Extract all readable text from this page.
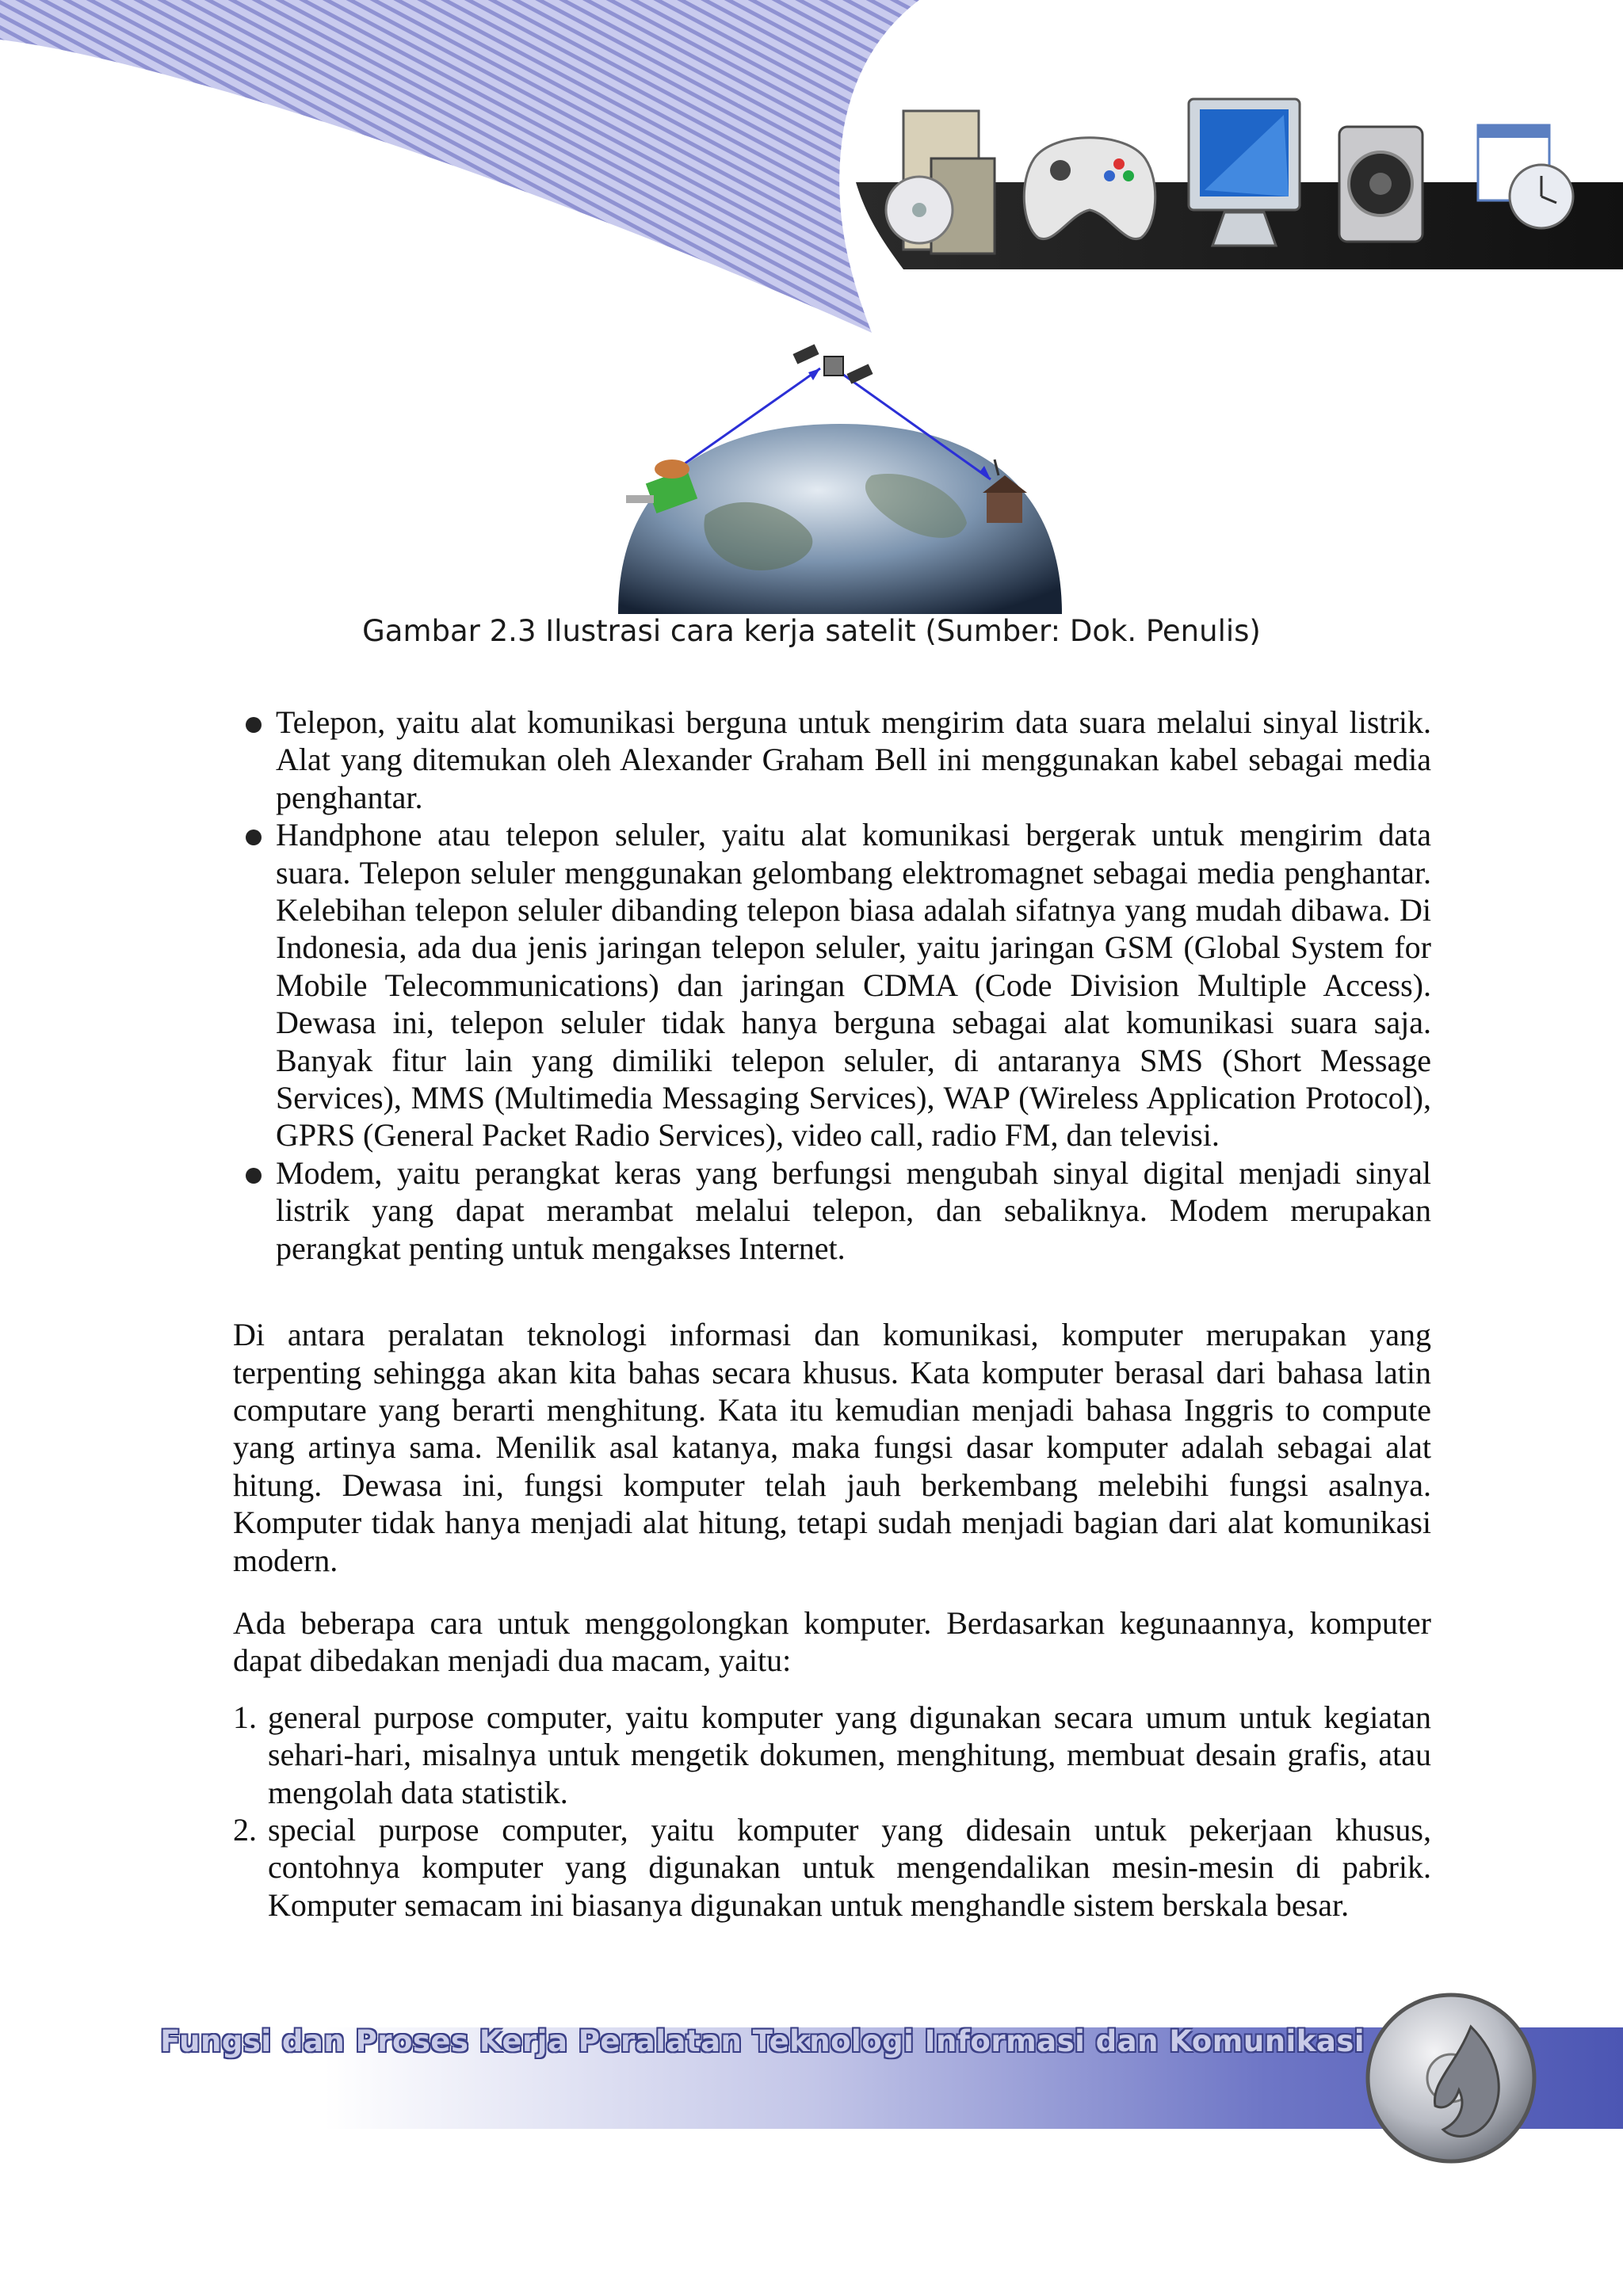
Gambar 2.3 Ilustrasi cara kerja satelit (Sumber: Dok. Penulis)
Telepon, yaitu alat komunikasi berguna untuk mengirim data suara melalui sinyal listrik. Alat yang ditemukan oleh Alexander Graham Bell ini menggunakan kabel sebagai media penghantar.
Handphone atau telepon seluler, yaitu alat komunikasi bergerak untuk mengirim data suara. Telepon seluler menggunakan gelombang elektromagnet sebagai media penghantar. Kelebihan telepon seluler dibanding telepon biasa adalah sifatnya yang mudah dibawa. Di Indonesia, ada dua jenis jaringan telepon seluler, yaitu jaringan GSM (Global System for Mobile Telecommunications) dan jaringan CDMA (Code Division Multiple Access). Dewasa ini, telepon seluler tidak hanya berguna sebagai alat komunikasi suara saja. Banyak fitur lain yang dimiliki telepon seluler, di antaranya SMS (Short Message Services), MMS (Multimedia Messaging Services), WAP (Wireless Application Protocol), GPRS (General Packet Radio Services), video call, radio FM, dan televisi.
Modem, yaitu perangkat keras yang berfungsi mengubah sinyal digital menjadi sinyal listrik yang dapat merambat melalui telepon, dan sebaliknya. Modem merupakan perangkat penting untuk mengakses Internet.

Di antara peralatan teknologi informasi dan komunikasi, komputer merupakan yang terpenting sehingga akan kita bahas secara khusus. Kata komputer berasal dari bahasa latin computare yang berarti menghitung. Kata itu kemudian menjadi bahasa Inggris to compute yang artinya sama. Menilik asal katanya, maka fungsi dasar komputer adalah sebagai alat hitung. Dewasa ini, fungsi komputer telah jauh berkembang melebihi fungsi asalnya. Komputer tidak hanya menjadi alat hitung, tetapi sudah menjadi bagian dari alat komunikasi modern.

Ada beberapa cara untuk menggolongkan komputer. Berdasarkan kegunaannya, komputer dapat dibedakan menjadi dua macam, yaitu:

1. general purpose computer, yaitu komputer yang digunakan secara umum untuk kegiatan sehari-hari, misalnya untuk mengetik dokumen, menghitung, membuat desain grafis, atau mengolah data statistik.
2. special purpose computer, yaitu komputer yang didesain untuk pekerjaan khusus, contohnya komputer yang digunakan untuk mengendalikan mesin-mesin di pabrik. Komputer semacam ini biasanya digunakan untuk menghandle sistem berskala besar.
Fungsi dan Proses Kerja Peralatan Teknologi Informasi dan Komunikasi
